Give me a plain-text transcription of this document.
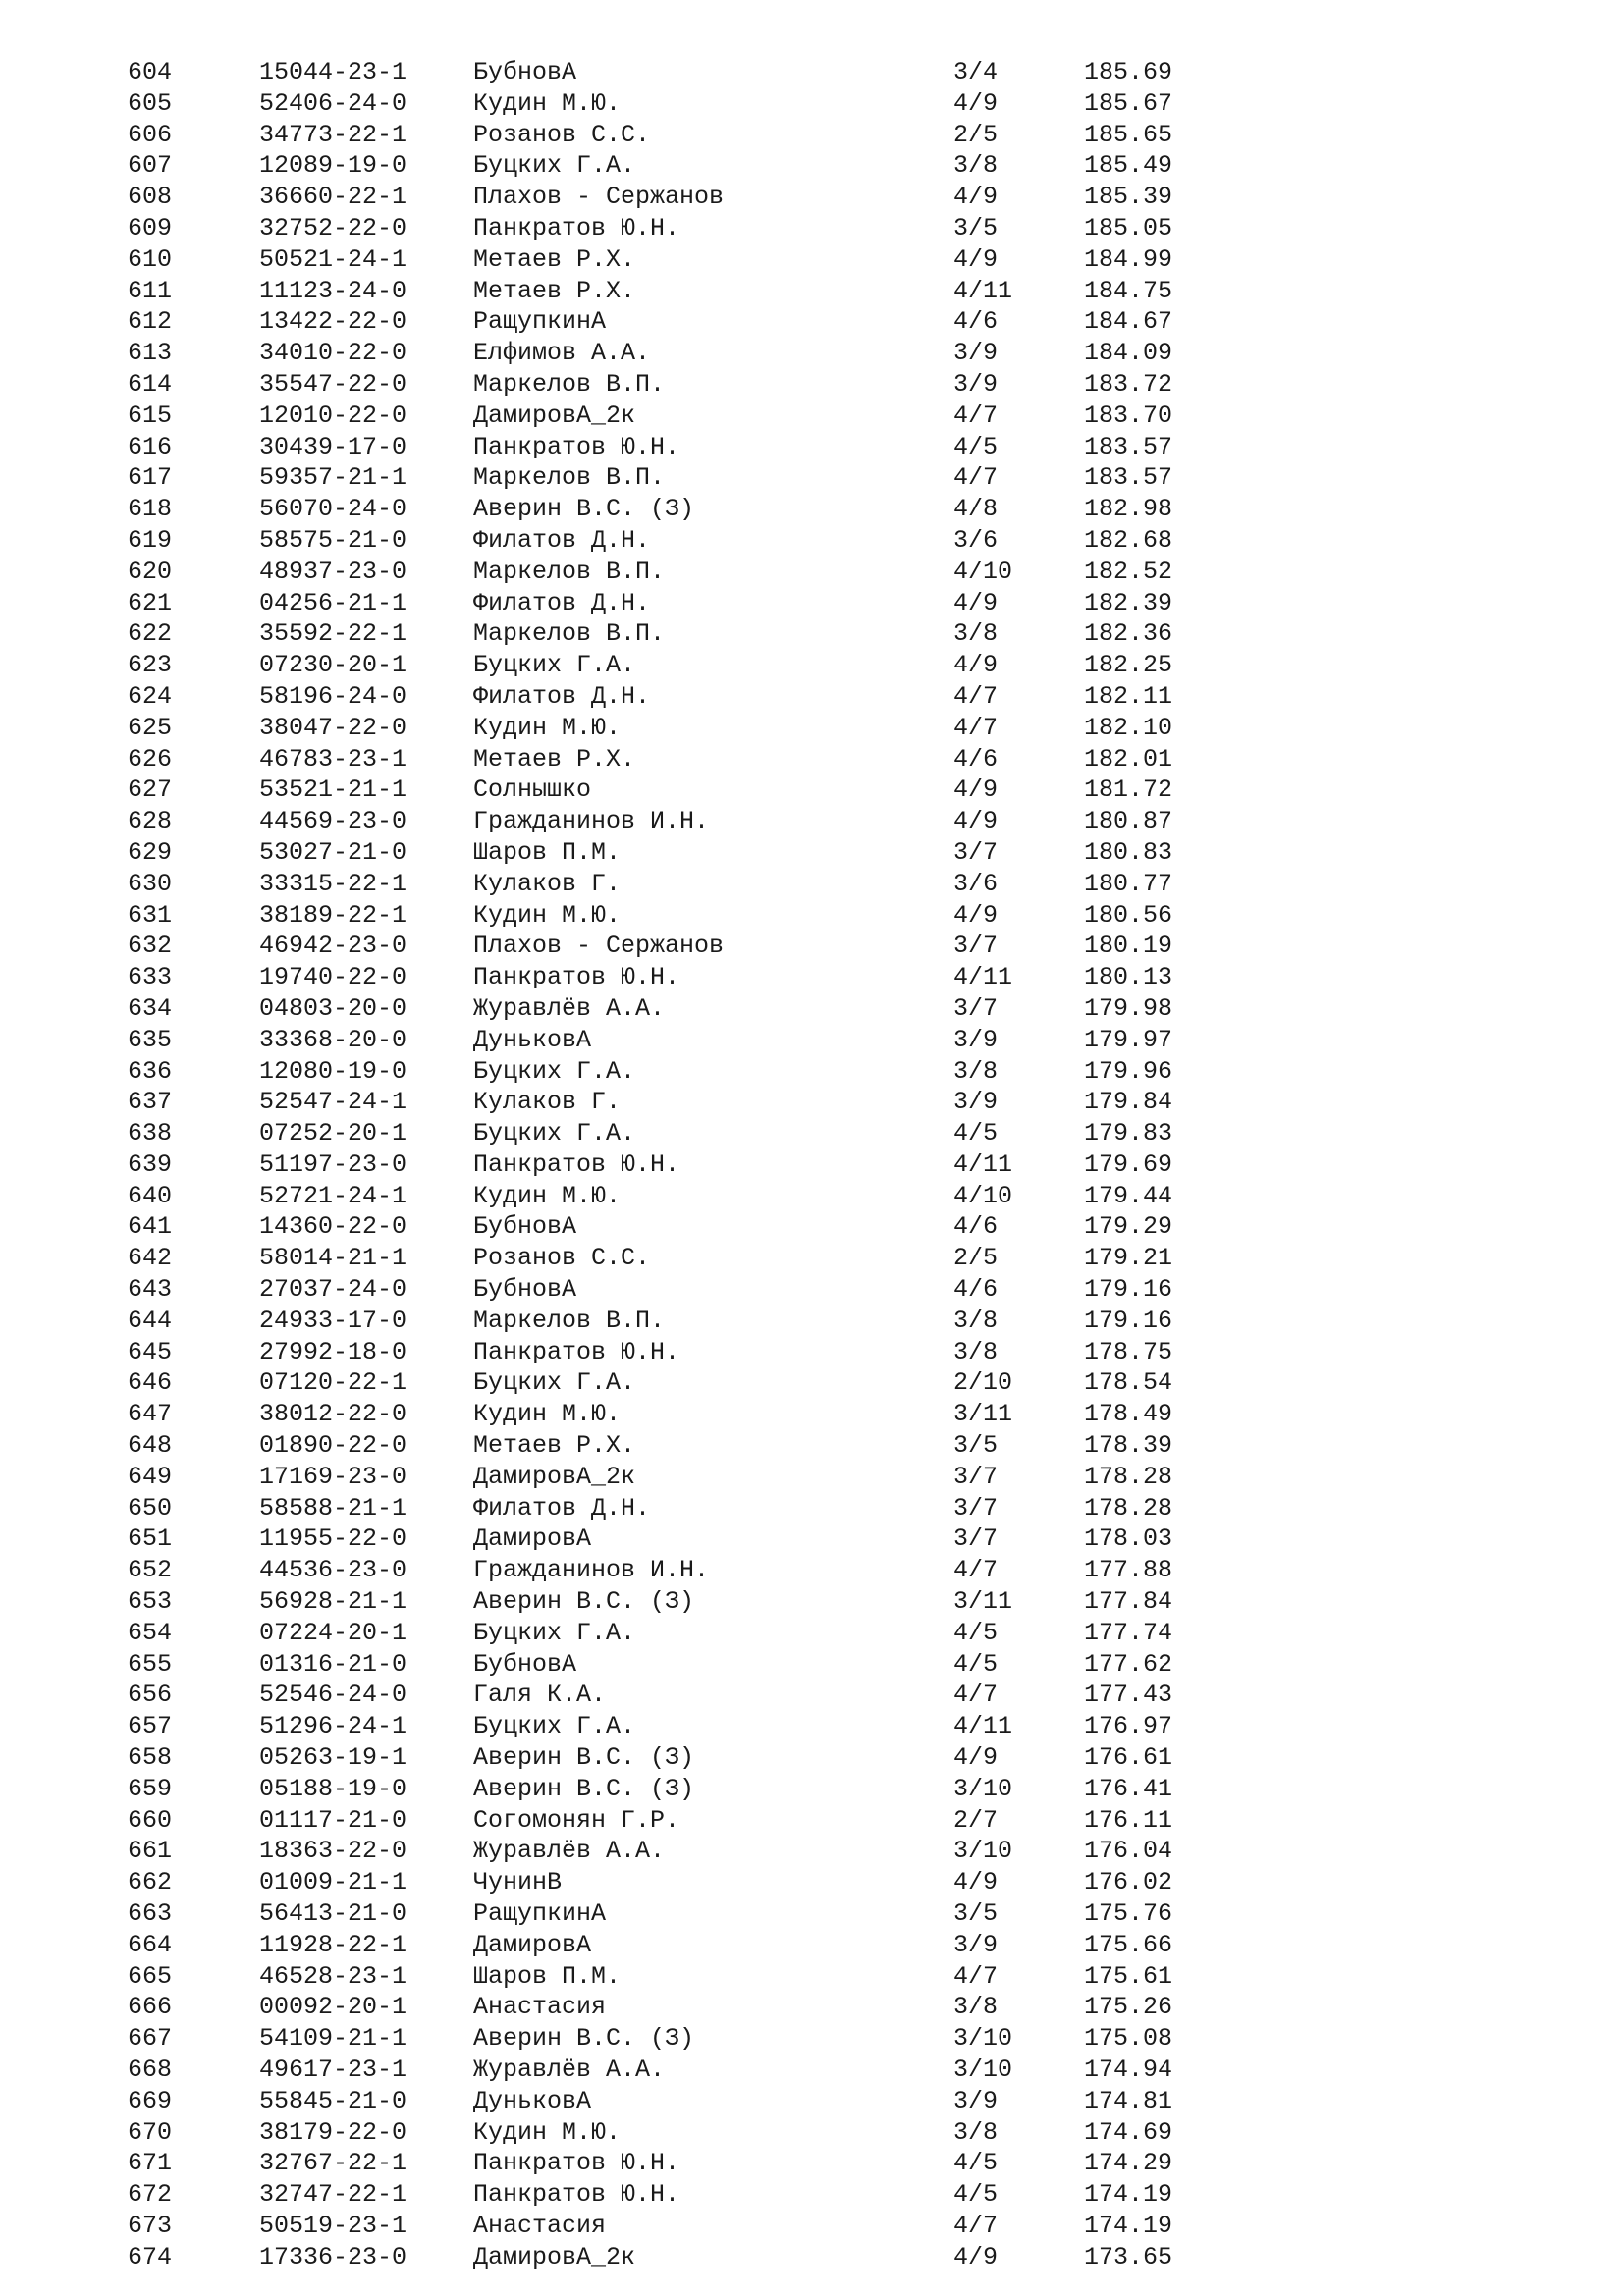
604	15044-23-1	БубновА	3/4	185.69
605	52406-24-0	Кудин М.Ю.	4/9	185.67
606	34773-22-1	Розанов С.С.	2/5	185.65
607	12089-19-0	Буцких Г.А.	3/8	185.49
608	36660-22-1	Плахов - Сержанов	4/9	185.39
609	32752-22-0	Панкратов Ю.Н.	3/5	185.05
610	50521-24-1	Метаев Р.Х.	4/9	184.99
611	11123-24-0	Метаев Р.Х.	4/11	184.75
612	13422-22-0	РащупкинА	4/6	184.67
613	34010-22-0	Елфимов А.А.	3/9	184.09
614	35547-22-0	Маркелов В.П.	3/9	183.72
615	12010-22-0	ДамировА_2к	4/7	183.70
616	30439-17-0	Панкратов Ю.Н.	4/5	183.57
617	59357-21-1	Маркелов В.П.	4/7	183.57
618	56070-24-0	Аверин В.С. (З)	4/8	182.98
619	58575-21-0	Филатов Д.Н.	3/6	182.68
620	48937-23-0	Маркелов В.П.	4/10	182.52
621	04256-21-1	Филатов Д.Н.	4/9	182.39
622	35592-22-1	Маркелов В.П.	3/8	182.36
623	07230-20-1	Буцких Г.А.	4/9	182.25
624	58196-24-0	Филатов Д.Н.	4/7	182.11
625	38047-22-0	Кудин М.Ю.	4/7	182.10
626	46783-23-1	Метаев Р.Х.	4/6	182.01
627	53521-21-1	Солнышко	4/9	181.72
628	44569-23-0	Гражданинов И.Н.	4/9	180.87
629	53027-21-0	Шаров П.М.	3/7	180.83
630	33315-22-1	Кулаков Г.	3/6	180.77
631	38189-22-1	Кудин М.Ю.	4/9	180.56
632	46942-23-0	Плахов - Сержанов	3/7	180.19
633	19740-22-0	Панкратов Ю.Н.	4/11	180.13
634	04803-20-0	Журавлёв А.А.	3/7	179.98
635	33368-20-0	ДуньковА	3/9	179.97
636	12080-19-0	Буцких Г.А.	3/8	179.96
637	52547-24-1	Кулаков Г.	3/9	179.84
638	07252-20-1	Буцких Г.А.	4/5	179.83
639	51197-23-0	Панкратов Ю.Н.	4/11	179.69
640	52721-24-1	Кудин М.Ю.	4/10	179.44
641	14360-22-0	БубновА	4/6	179.29
642	58014-21-1	Розанов С.С.	2/5	179.21
643	27037-24-0	БубновА	4/6	179.16
644	24933-17-0	Маркелов В.П.	3/8	179.16
645	27992-18-0	Панкратов Ю.Н.	3/8	178.75
646	07120-22-1	Буцких Г.А.	2/10	178.54
647	38012-22-0	Кудин М.Ю.	3/11	178.49
648	01890-22-0	Метаев Р.Х.	3/5	178.39
649	17169-23-0	ДамировА_2к	3/7	178.28
650	58588-21-1	Филатов Д.Н.	3/7	178.28
651	11955-22-0	ДамировА	3/7	178.03
652	44536-23-0	Гражданинов И.Н.	4/7	177.88
653	56928-21-1	Аверин В.С. (З)	3/11	177.84
654	07224-20-1	Буцких Г.А.	4/5	177.74
655	01316-21-0	БубновА	4/5	177.62
656	52546-24-0	Галя К.А.	4/7	177.43
657	51296-24-1	Буцких Г.А.	4/11	176.97
658	05263-19-1	Аверин В.С. (З)	4/9	176.61
659	05188-19-0	Аверин В.С. (З)	3/10	176.41
660	01117-21-0	Согомонян Г.Р.	2/7	176.11
661	18363-22-0	Журавлёв А.А.	3/10	176.04
662	01009-21-1	ЧунинВ	4/9	176.02
663	56413-21-0	РащупкинА	3/5	175.76
664	11928-22-1	ДамировА	3/9	175.66
665	46528-23-1	Шаров П.М.	4/7	175.61
666	00092-20-1	Анастасия	3/8	175.26
667	54109-21-1	Аверин В.С. (З)	3/10	175.08
668	49617-23-1	Журавлёв А.А.	3/10	174.94
669	55845-21-0	ДуньковА	3/9	174.81
670	38179-22-0	Кудин М.Ю.	3/8	174.69
671	32767-22-1	Панкратов Ю.Н.	4/5	174.29
672	32747-22-1	Панкратов Ю.Н.	4/5	174.19
673	50519-23-1	Анастасия	4/7	174.19
674	17336-23-0	ДамировА_2к	4/9	173.65
